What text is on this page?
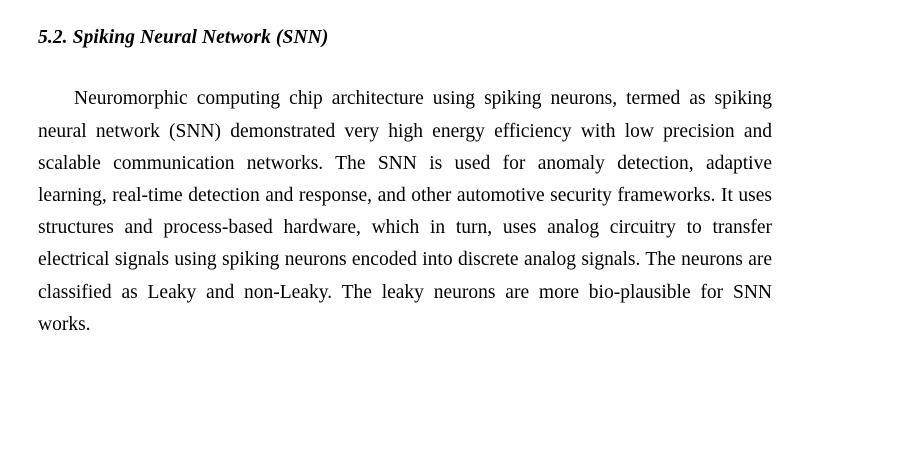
5.2. Spiking Neural Network (SNN)

Neuromorphic computing chip architecture using spiking neurons, termed as spiking neural network (SNN) demonstrated very high energy efficiency with low precision and scalable communication networks. The SNN is used for anomaly detection, adaptive learning, real-time detection and response, and other automotive security frameworks. It uses structures and process-based hardware, which in turn, uses analog circuitry to transfer electrical signals using spiking neurons encoded into discrete analog signals. The neurons are classified as Leaky and non-Leaky. The leaky neurons are more bio-plausible for SNN works.
